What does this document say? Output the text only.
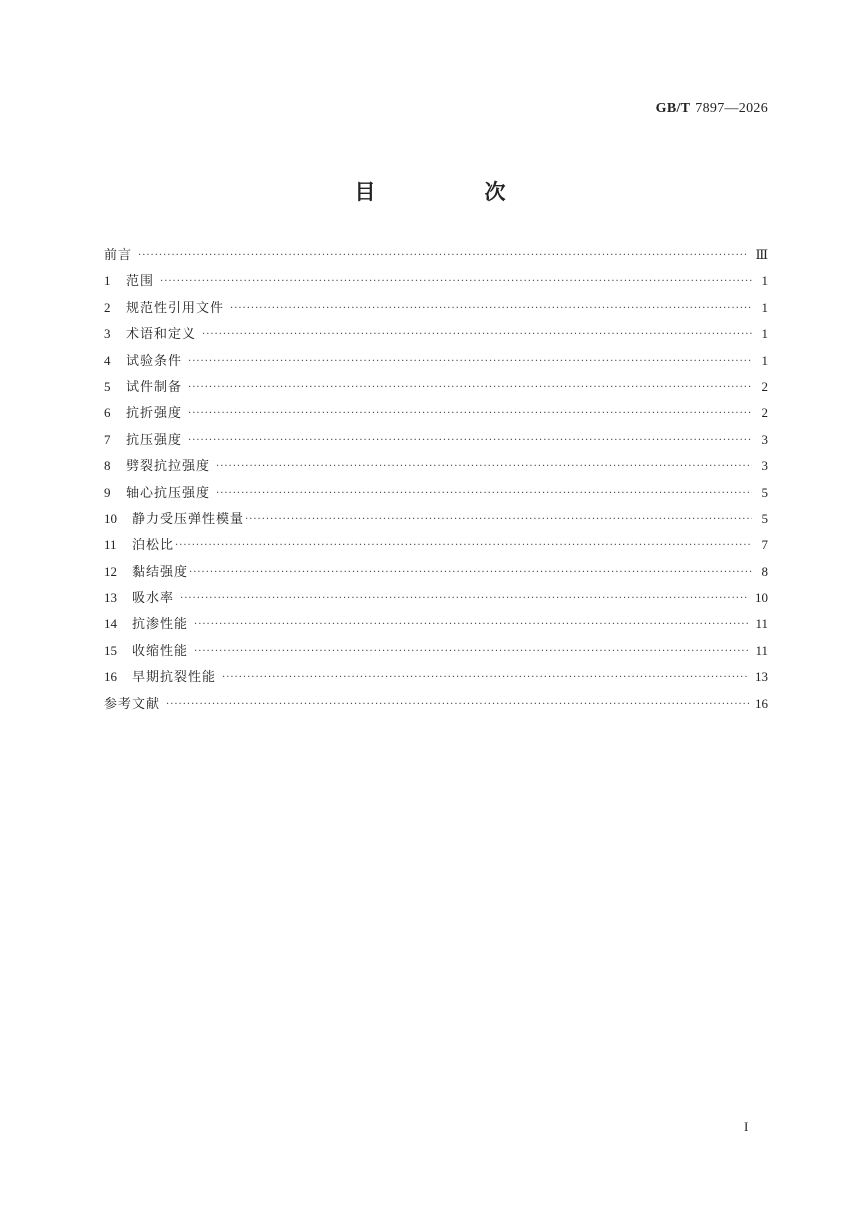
GB/T 7897—2026
目　次
前言 ·····	Ⅲ
1	范围 ·····	1
2	规范性引用文件 ·····	1
3	术语和定义 ·····	1
4	试验条件 ·····	1
5	试件制备 ·····	2
6	抗折强度 ·····	2
7	抗压强度 ·····	3
8	劈裂抗拉强度 ·····	3
9	轴心抗压强度 ·····	5
10	静力受压弹性模量 ·····	5
11	泊松比 ·····	7
12	黏结强度 ·····	8
13	吸水率 ·····	10
14	抗渗性能 ·····	11
15	收缩性能 ·····	11
16	早期抗裂性能 ·····	13
参考文献 ·····	16
I
